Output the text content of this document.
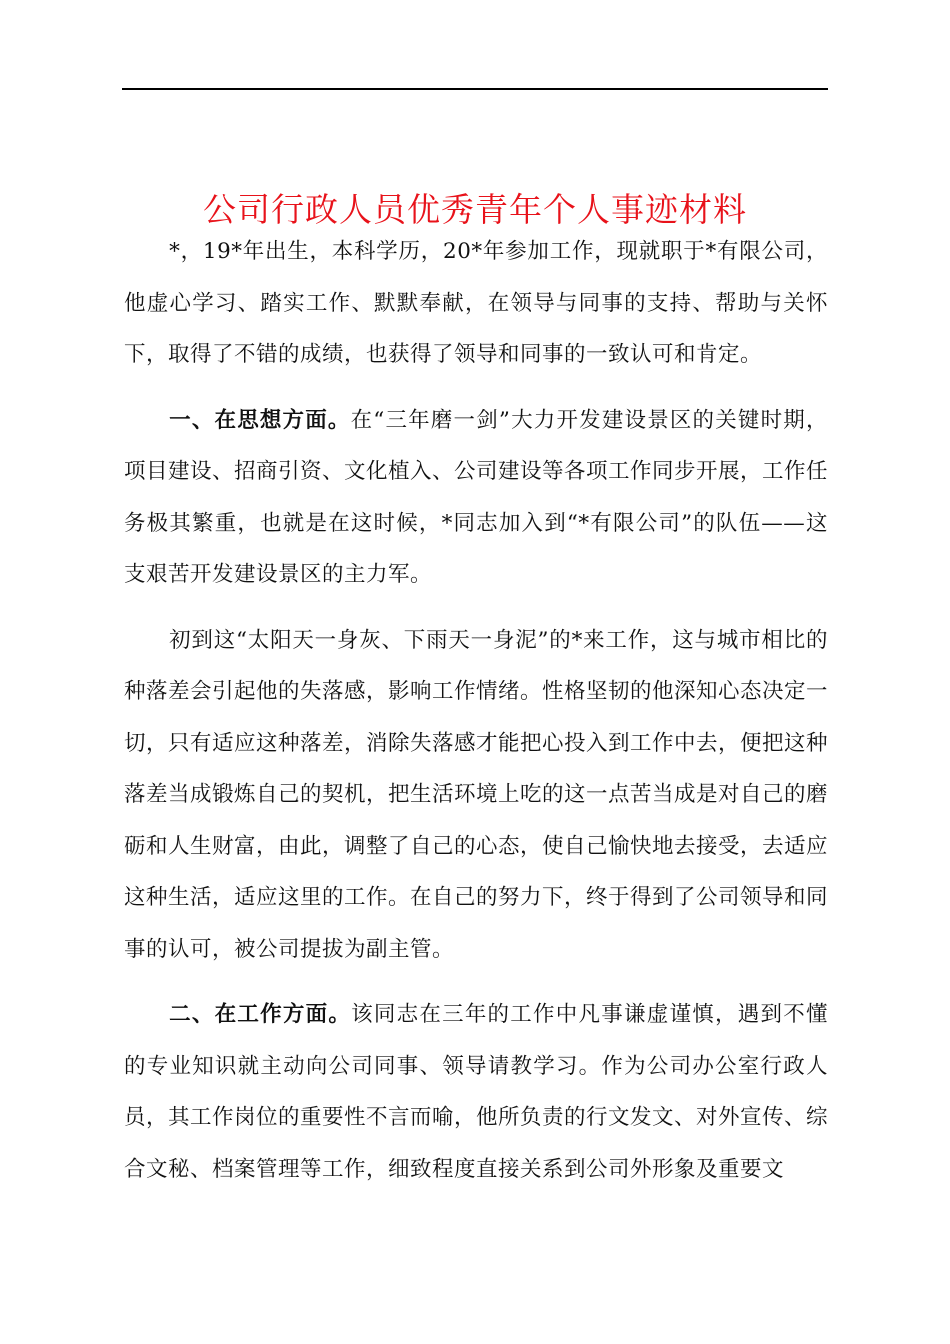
公司行政人员优秀青年个人事迹材料

*，19*年出生，本科学历，20*年参加工作，现就职于*有限公司，他虚心学习、踏实工作、默默奉献，在领导与同事的支持、帮助与关怀下，取得了不错的成绩，也获得了领导和同事的一致认可和肯定。

一、在思想方面。在“三年磨一剑”大力开发建设景区的关键时期，项目建设、招商引资、文化植入、公司建设等各项工作同步开展，工作任务极其繁重，也就是在这时候，*同志加入到“*有限公司”的队伍——这支艰苦开发建设景区的主力军。

初到这“太阳天一身灰、下雨天一身泥”的*来工作，这与城市相比的种落差会引起他的失落感，影响工作情绪。性格坚韧的他深知心态决定一切，只有适应这种落差，消除失落感才能把心投入到工作中去，便把这种落差当成锻炼自己的契机，把生活环境上吃的这一点苦当成是对自己的磨砺和人生财富，由此，调整了自己的心态，使自己愉快地去接受，去适应这种生活，适应这里的工作。在自己的努力下，终于得到了公司领导和同事的认可，被公司提拔为副主管。

二、在工作方面。该同志在三年的工作中凡事谦虚谨慎，遇到不懂的专业知识就主动向公司同事、领导请教学习。作为公司办公室行政人员，其工作岗位的重要性不言而喻，他所负责的行文发文、对外宣传、综合文秘、档案管理等工作，细致程度直接关系到公司外形象及重要文
